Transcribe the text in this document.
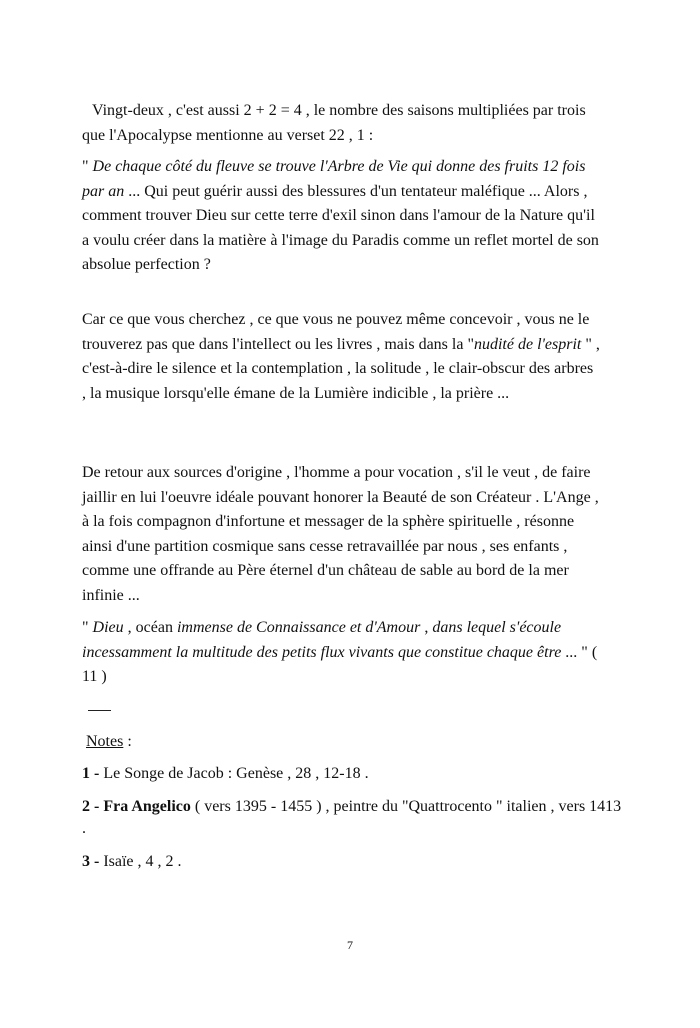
Vingt-deux , c'est aussi 2 + 2 = 4 , le nombre des saisons multipliées par trois
que l'Apocalypse mentionne au verset 22 , 1 :

" De chaque côté du fleuve se trouve l'Arbre de Vie qui donne des fruits 12 fois
par an ... Qui peut guérir aussi des blessures d'un tentateur maléfique ... Alors ,
comment trouver Dieu sur cette terre d'exil sinon dans l'amour de la Nature qu'il
a voulu créer dans la matière à l'image du Paradis comme un reflet mortel de son
absolue perfection ?

Car ce que vous cherchez , ce que vous ne pouvez même concevoir , vous ne le
trouverez pas que dans l'intellect ou les livres , mais dans la "nudité de l'esprit " ,
c'est-à-dire le silence et la contemplation , la solitude , le clair-obscur des arbres
, la musique lorsqu'elle émane de la Lumière indicible , la prière ...

De retour aux sources d'origine , l'homme a pour vocation , s'il le veut , de faire
jaillir en lui l'oeuvre idéale pouvant honorer la Beauté de son Créateur . L'Ange ,
à la fois compagnon d'infortune et messager de la sphère spirituelle , résonne
ainsi d'une partition cosmique sans cesse retravaillée par nous , ses enfants ,
comme une offrande au Père éternel d'un château de sable au bord de la mer
infinie ...

" Dieu , océan immense de Connaissance et d'Amour , dans lequel s'écoule
incessamment la multitude des petits flux vivants que constitue chaque être ... " (
11 )

Notes :
1 - Le Songe de Jacob : Genèse , 28 , 12-18 .
2 - Fra Angelico ( vers 1395 - 1455 ) , peintre du "Quattrocento " italien , vers 1413 .
3 - Isaïe , 4 , 2 .
7
